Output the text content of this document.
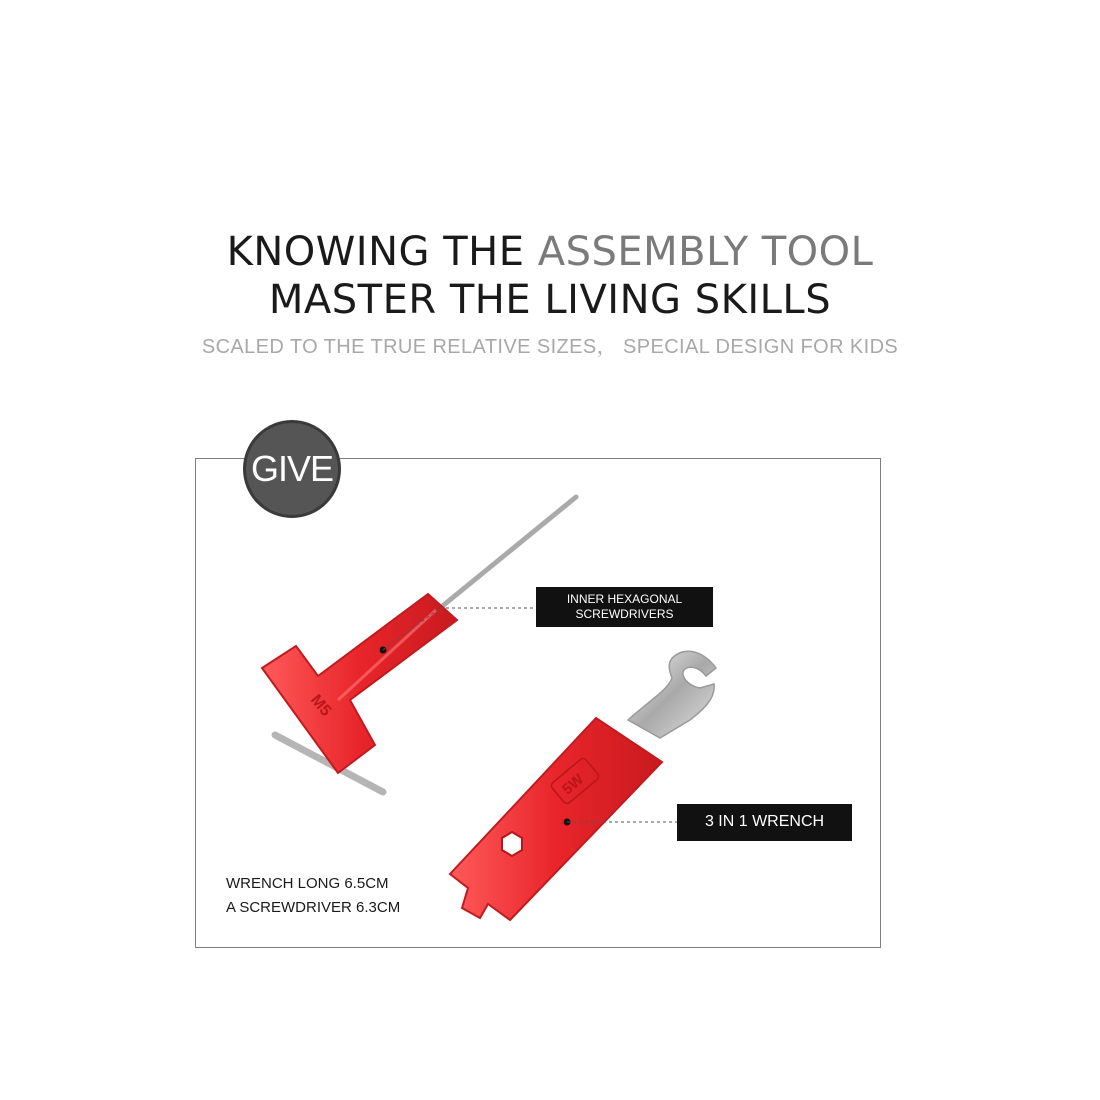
KNOWING THE ASSEMBLY TOOL
MASTER THE LIVING SKILLS
SCALED TO THE TRUE RELATIVE SIZES， SPECIAL DESIGN FOR KIDS
M5
5W
GIVE
INNER HEXAGONAL
SCREWDRIVERS
3 IN 1 WRENCH
WRENCH LONG 6.5CM
A SCREWDRIVER 6.3CM
